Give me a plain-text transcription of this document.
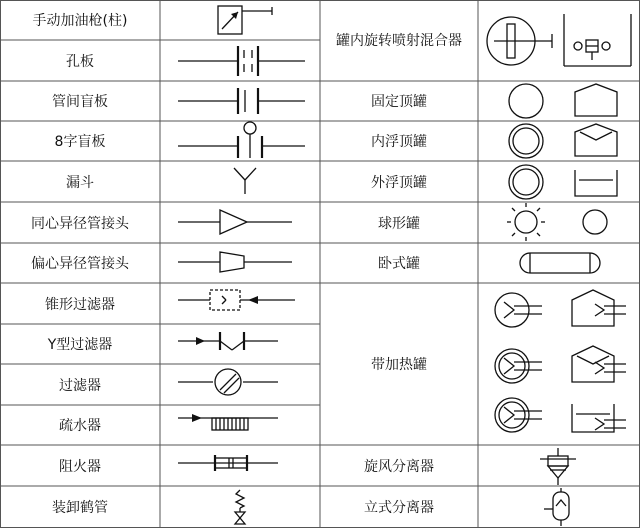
手动加油枪(柱)
孔板
管间盲板
8字盲板
漏斗
同心异径管接头
偏心异径管接头
锥形过滤器
Y型过滤器
过滤器
疏水器
阻火器
装卸鹤管
罐内旋转喷射混合器
固定顶罐
内浮顶罐
外浮顶罐
球形罐
卧式罐
带加热罐
旋风分离器
立式分离器
